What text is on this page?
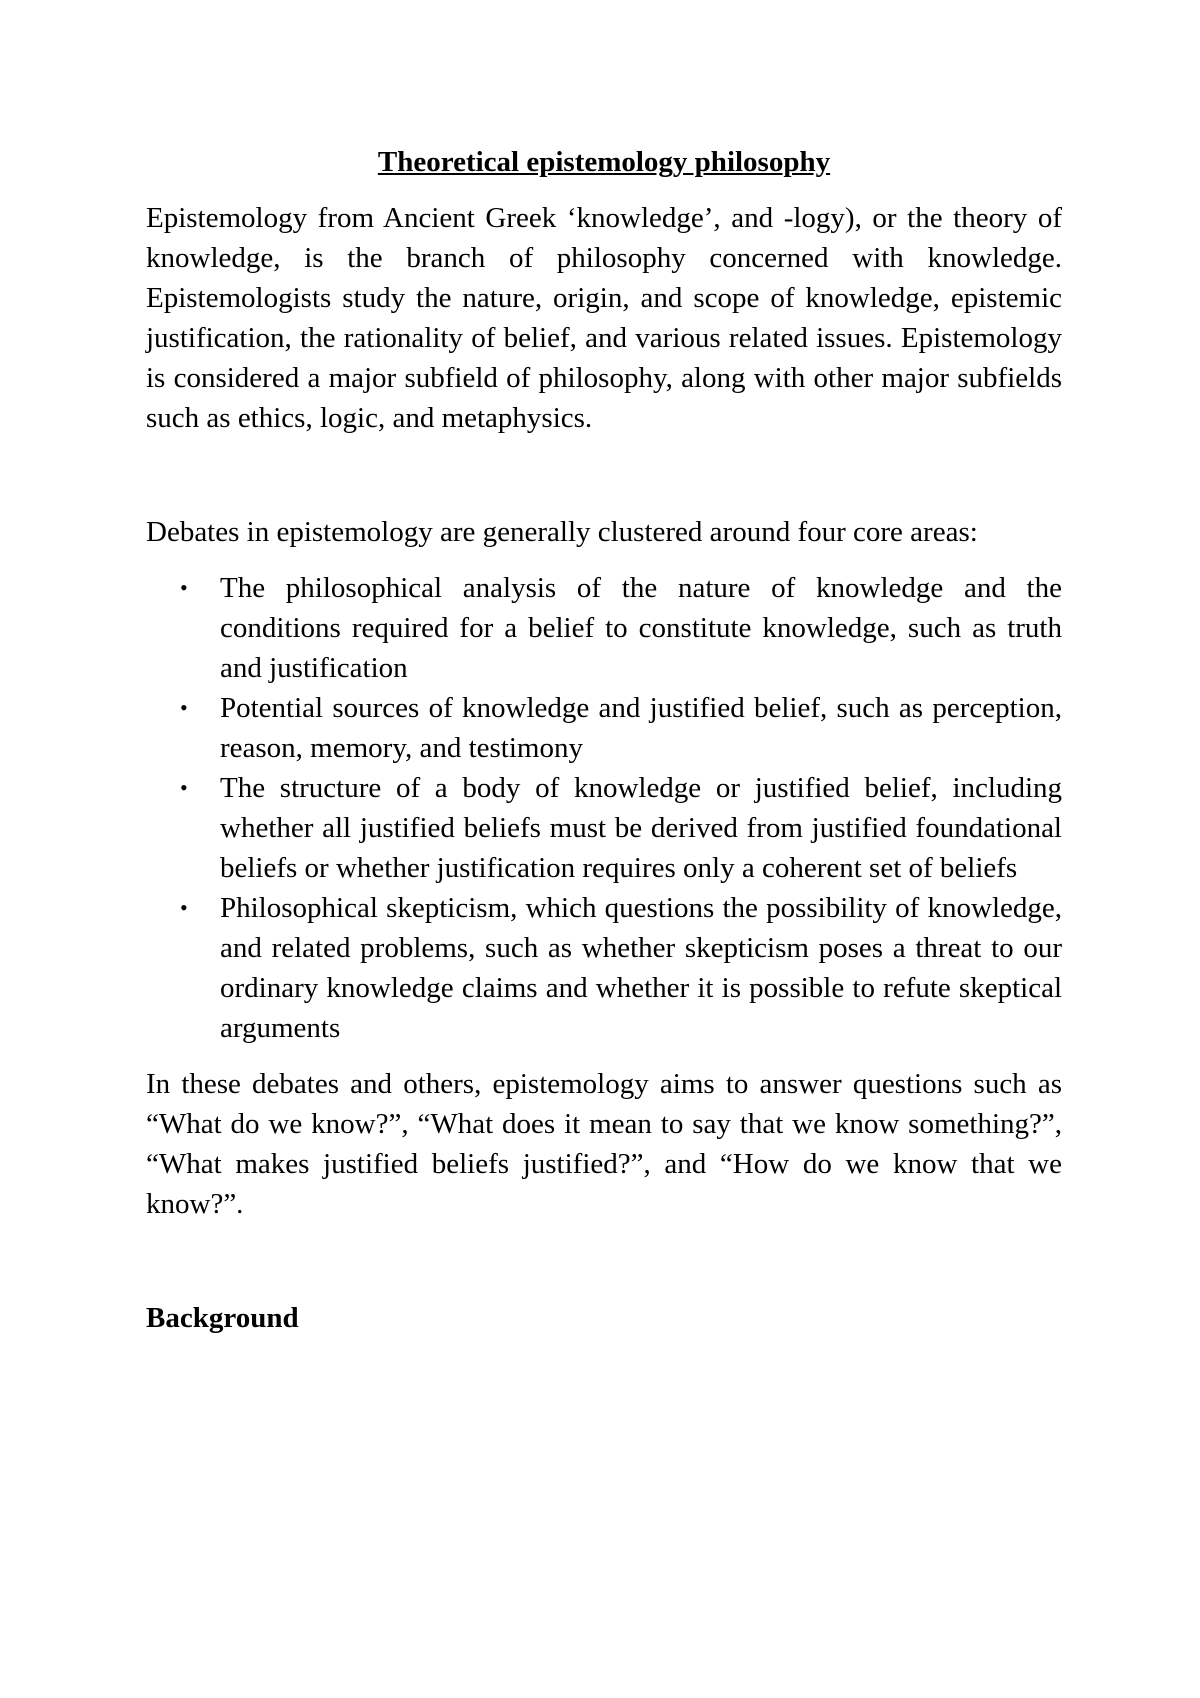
Theoretical epistemology philosophy

Epistemology from Ancient Greek ‘knowledge’, and -logy), or the theory of knowledge, is the branch of philosophy concerned with knowledge. Epistemologists study the nature, origin, and scope of knowledge, epistemic justification, the rationality of belief, and various related issues. Epistemology is considered a major subfield of philosophy, along with other major subfields such as ethics, logic, and metaphysics.

Debates in epistemology are generally clustered around four core areas:

• The philosophical analysis of the nature of knowledge and the conditions required for a belief to constitute knowledge, such as truth and justification
• Potential sources of knowledge and justified belief, such as perception, reason, memory, and testimony
• The structure of a body of knowledge or justified belief, including whether all justified beliefs must be derived from justified foundational beliefs or whether justification requires only a coherent set of beliefs
• Philosophical skepticism, which questions the possibility of knowledge, and related problems, such as whether skepticism poses a threat to our ordinary knowledge claims and whether it is possible to refute skeptical arguments

In these debates and others, epistemology aims to answer questions such as “What do we know?”, “What does it mean to say that we know something?”, “What makes justified beliefs justified?”, and “How do we know that we know?”.

Background
